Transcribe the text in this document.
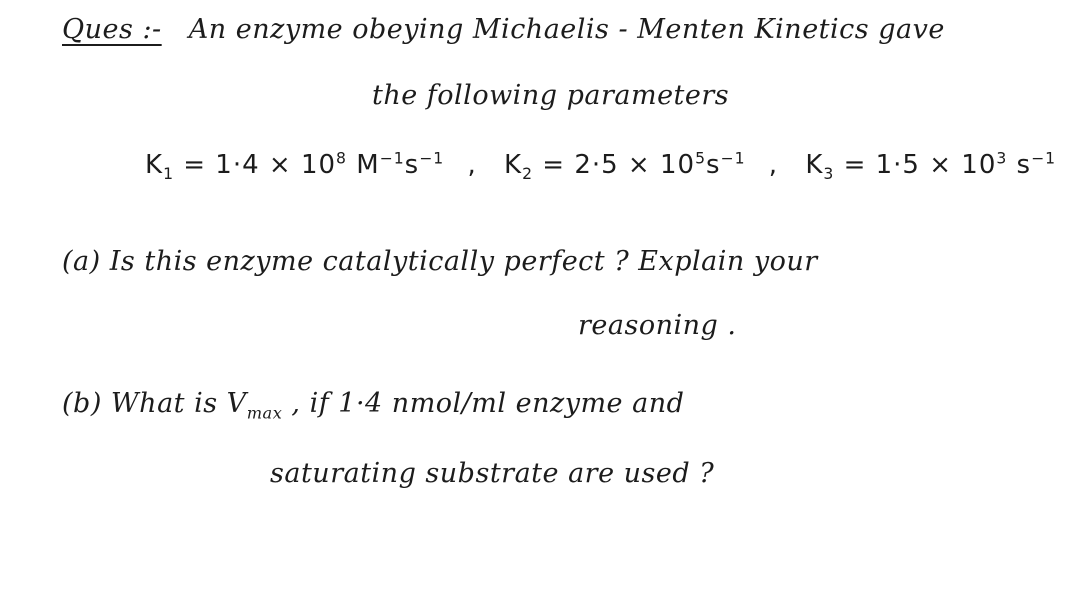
Ques :- An enzyme obeying Michaelis - Menten Kinetics gave
the following parameters
$K_1 = 1\cdot 4 \times 10^8$ $M^{-1}s^{-1}$ , $K_2 = 2\cdot 5 \times 10^5s^{-1}$ , $K_3 = 1\cdot 5 \times 10^3$ $s^{-1}$
(a) Is this enzyme catalytically perfect ? Explain your
reasoning .
(b) What is $V_{max}$ , if 1·4 nmol/ml enzyme and
saturating substrate are used ?
